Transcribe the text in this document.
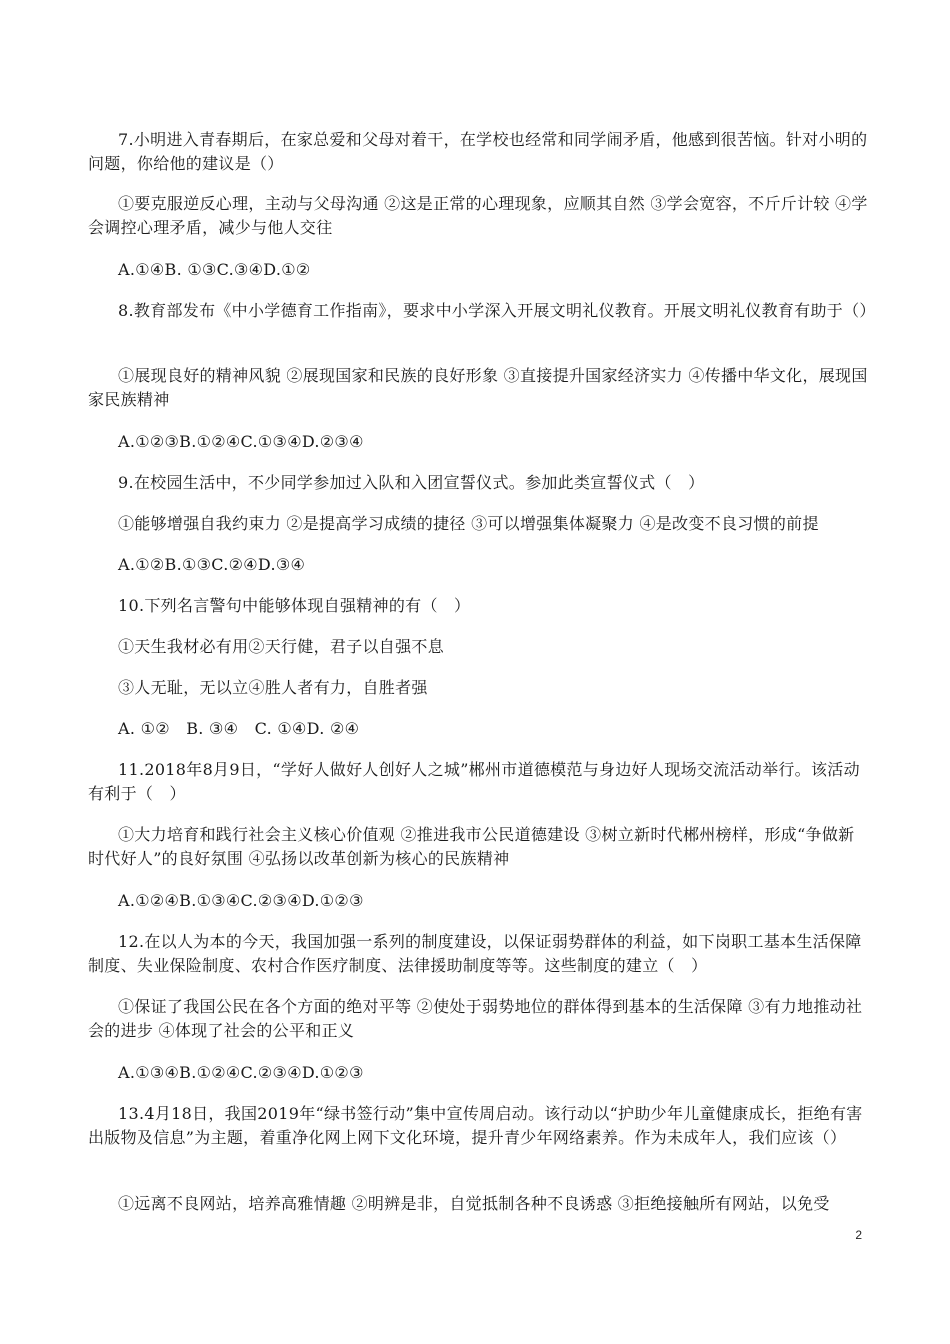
7.小明进入青春期后，在家总爱和父母对着干，在学校也经常和同学闹矛盾，他感到很苦恼。针对小明的问题，你给他的建议是（）

①要克服逆反心理，主动与父母沟通 ②这是正常的心理现象，应顺其自然 ③学会宽容，不斤斤计较 ④学会调控心理矛盾，减少与他人交往

A.①④B. ①③C.③④D.①②

8.教育部发布《中小学德育工作指南》，要求中小学深入开展文明礼仪教育。开展文明礼仪教育有助于（）

①展现良好的精神风貌 ②展现国家和民族的良好形象 ③直接提升国家经济实力 ④传播中华文化，展现国家民族精神

A.①②③B.①②④C.①③④D.②③④

9.在校园生活中，不少同学参加过入队和入团宣誓仪式。参加此类宣誓仪式（　）

①能够增强自我约束力 ②是提高学习成绩的捷径 ③可以增强集体凝聚力 ④是改变不良习惯的前提

A.①②B.①③C.②④D.③④

10.下列名言警句中能够体现自强精神的有（　）

①天生我材必有用②天行健，君子以自强不息

③人无耻，无以立④胜人者有力，自胜者强

A. ①②　B. ③④　C. ①④D. ②④

11.2018年8月9日，“学好人做好人创好人之城”郴州市道德模范与身边好人现场交流活动举行。该活动有利于（　）

①大力培育和践行社会主义核心价值观 ②推进我市公民道德建设 ③树立新时代郴州榜样，形成“争做新时代好人”的良好氛围 ④弘扬以改革创新为核心的民族精神

A.①②④B.①③④C.②③④D.①②③

12.在以人为本的今天，我国加强一系列的制度建设，以保证弱势群体的利益，如下岗职工基本生活保障制度、失业保险制度、农村合作医疗制度、法律援助制度等等。这些制度的建立（　）

①保证了我国公民在各个方面的绝对平等 ②使处于弱势地位的群体得到基本的生活保障 ③有力地推动社会的进步 ④体现了社会的公平和正义

A.①③④B.①②④C.②③④D.①②③

13.4月18日，我国2019年“绿书签行动”集中宣传周启动。该行动以“护助少年儿童健康成长，拒绝有害出版物及信息”为主题，着重净化网上网下文化环境，提升青少年网络素养。作为未成年人，我们应该（）

①远离不良网站，培养高雅情趣 ②明辨是非，自觉抵制各种不良诱惑 ③拒绝接触所有网站，以免受

2
